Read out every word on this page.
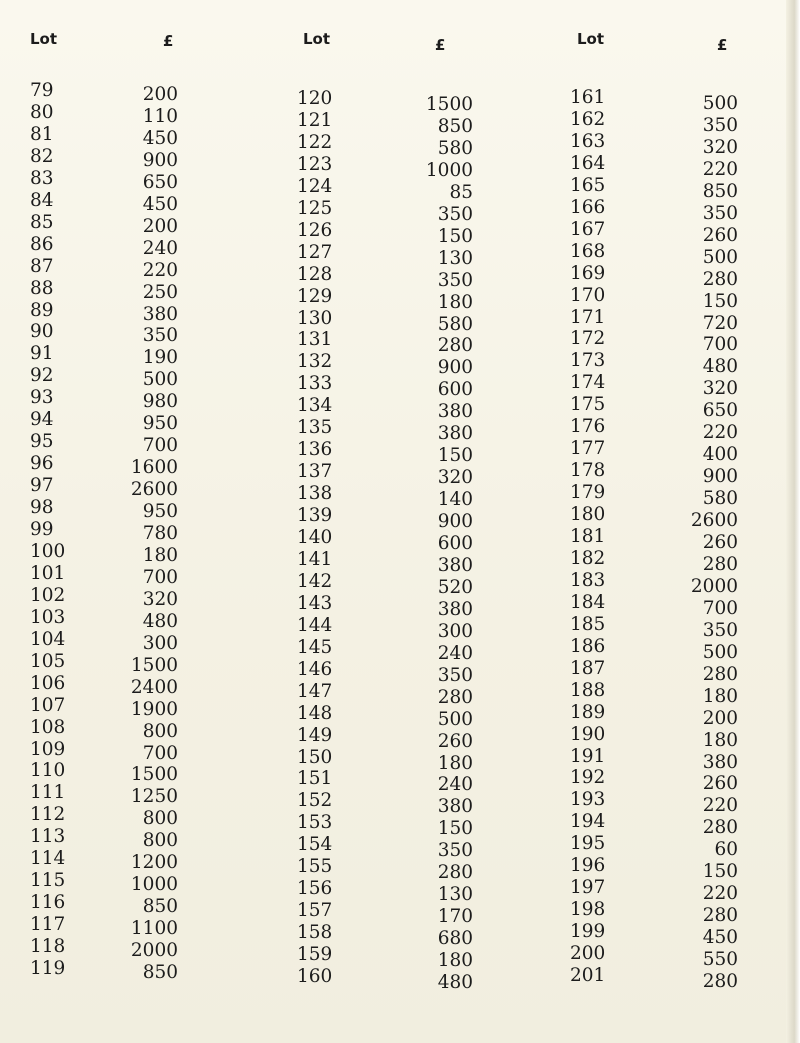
Lot	£
79	200
80	110
81	450
82	900
83	650
84	450
85	200
86	240
87	220
88	250
89	380
90	350
91	190
92	500
93	980
94	950
95	700
96	1600
97	2600
98	950
99	780
100	180
101	700
102	320
103	480
104	300
105	1500
106	2400
107	1900
108	800
109	700
110	1500
111	1250
112	800
113	800
114	1200
115	1000
116	850
117	1100
118	2000
119	850
Lot	£
120	1500
121	850
122	580
123	1000
124	85
125	350
126	150
127	130
128	350
129	180
130	580
131	280
132	900
133	600
134	380
135	380
136	150
137	320
138	140
139	900
140	600
141	380
142	520
143	380
144	300
145	240
146	350
147	280
148	500
149	260
150	180
151	240
152	380
153	150
154	350
155	280
156	130
157	170
158	680
159	180
160	480
Lot	£
161	500
162	350
163	320
164	220
165	850
166	350
167	260
168	500
169	280
170	150
171	720
172	700
173	480
174	320
175	650
176	220
177	400
178	900
179	580
180	2600
181	260
182	280
183	2000
184	700
185	350
186	500
187	280
188	180
189	200
190	180
191	380
192	260
193	220
194	280
195	60
196	150
197	220
198	280
199	450
200	550
201	280
